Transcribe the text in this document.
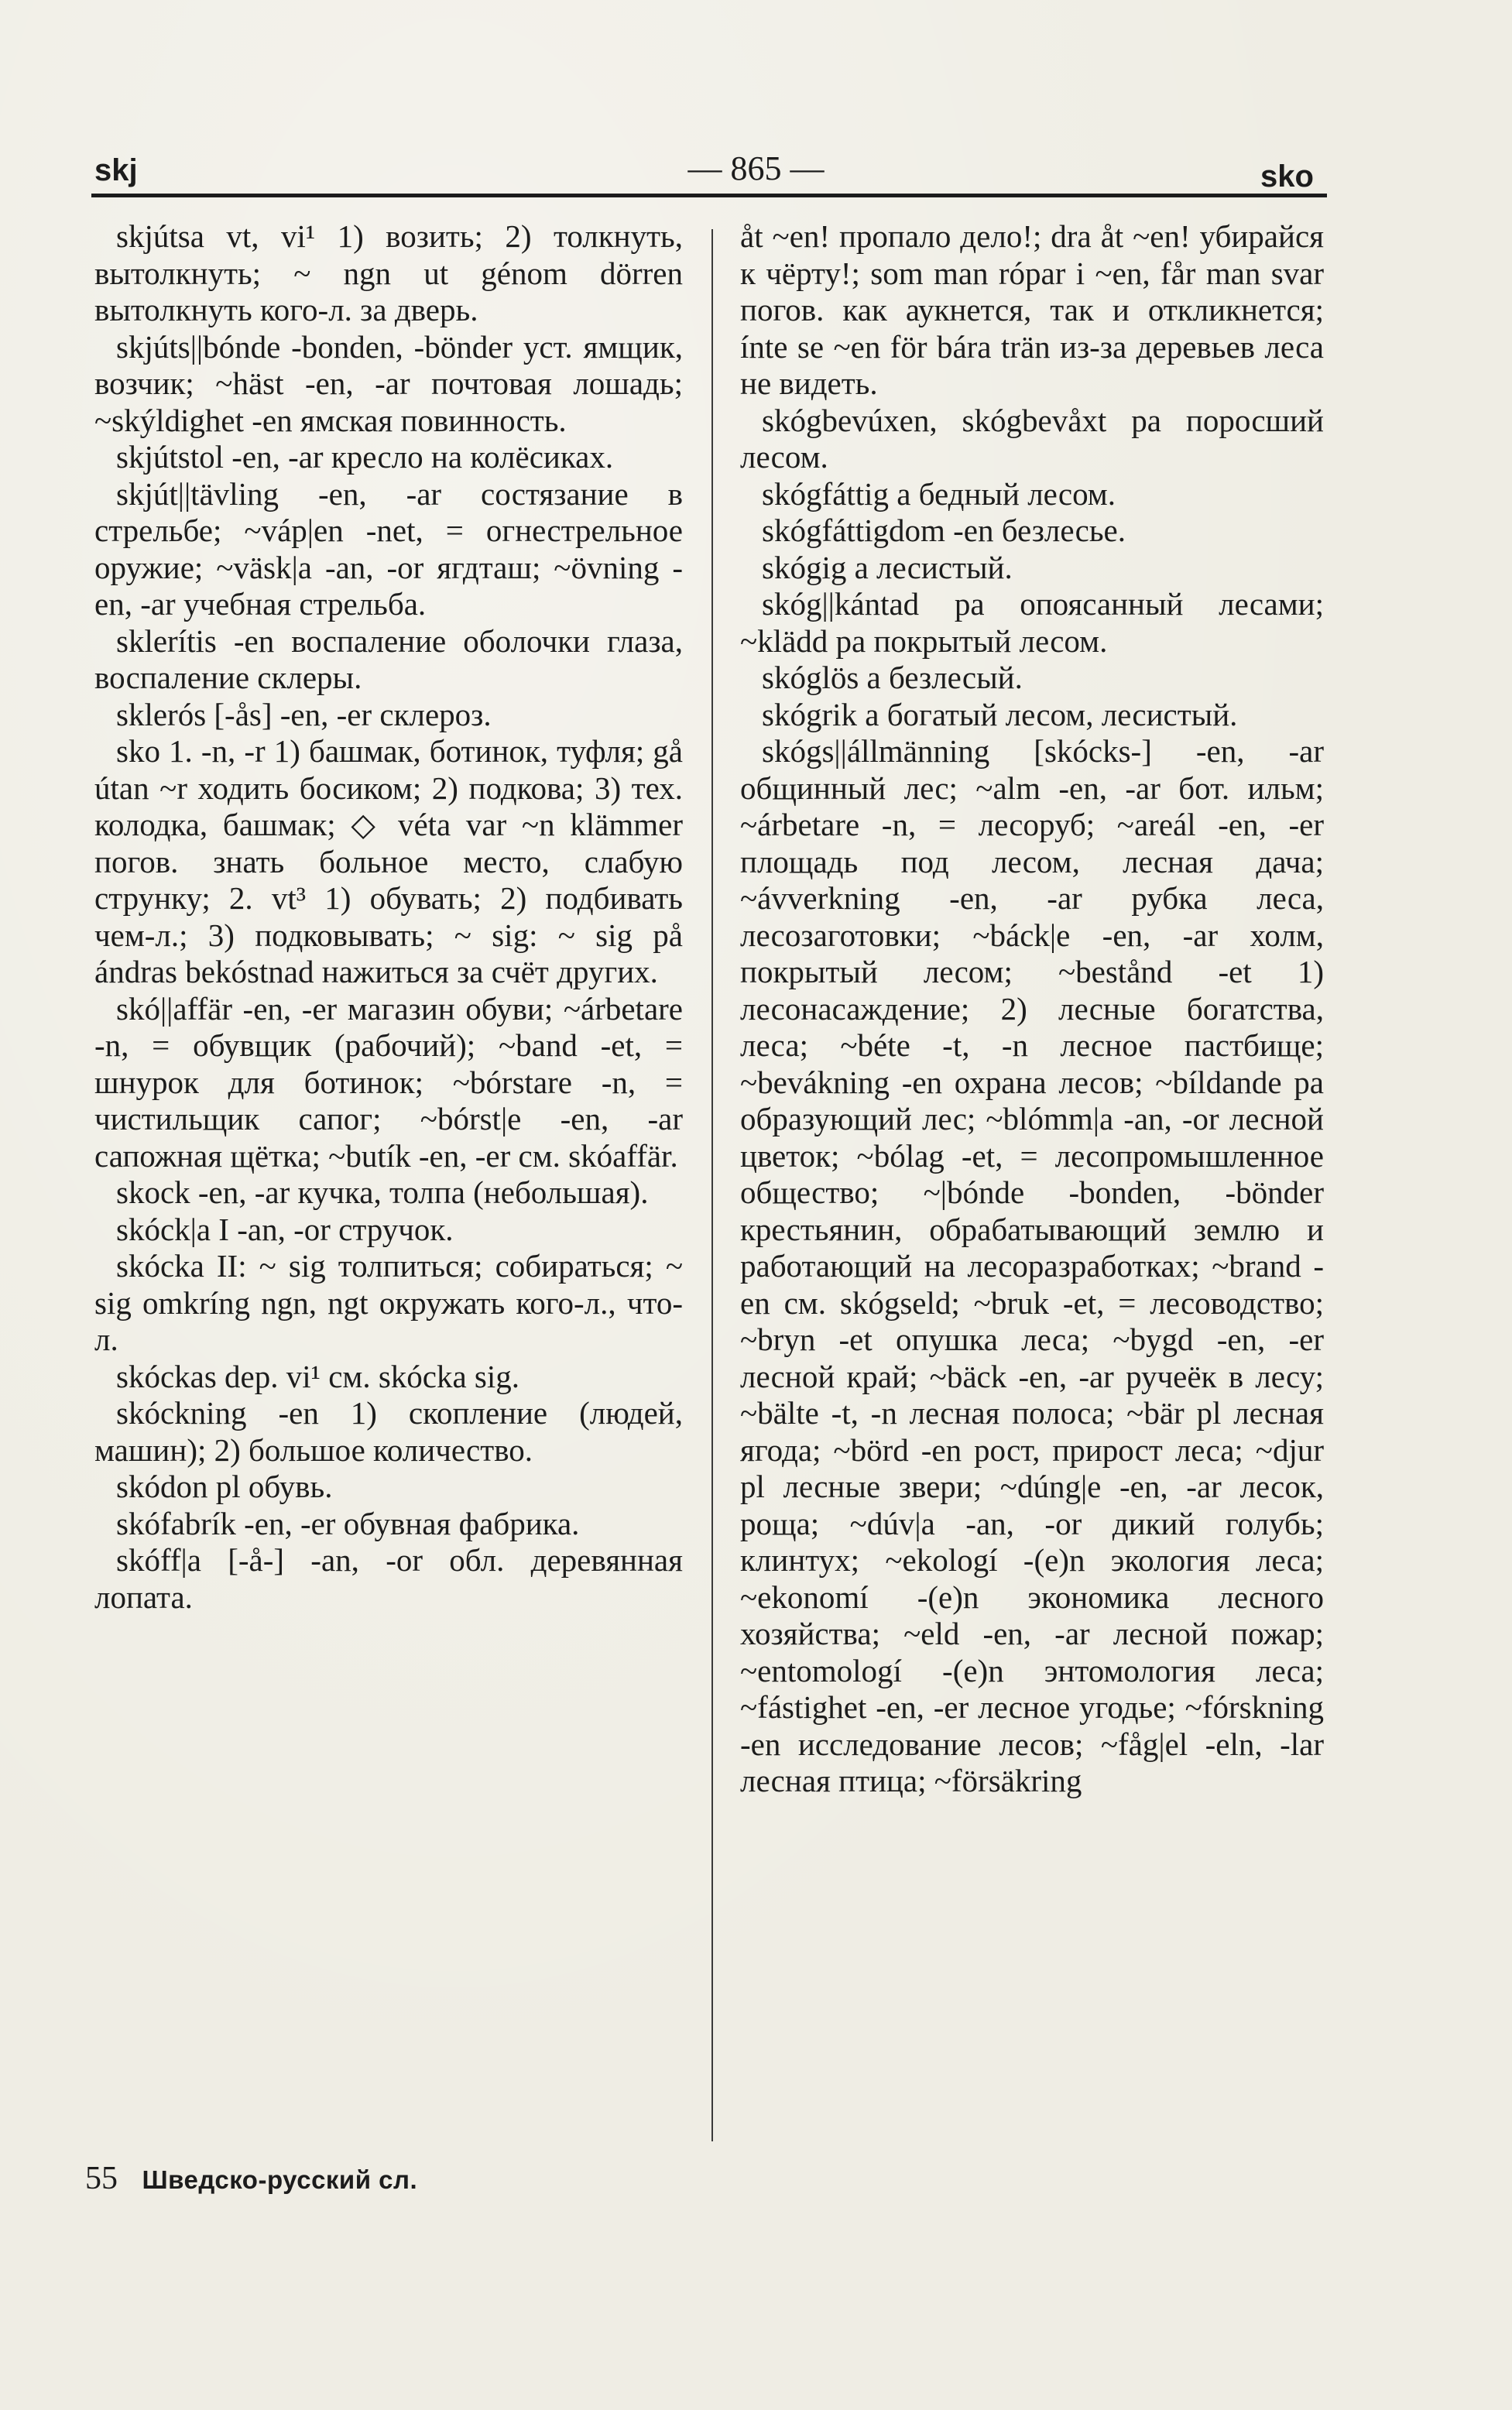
skj	— 865 —	sko

skjútsa vt, vi¹ 1) возить; 2) толкнуть, вытолкнуть; ~ ngn ut génom dörren вытолкнуть кого-л. за дверь.

skjúts||bónde -bonden, -bönder уст. ямщик, возчик; ~häst -en, -ar почтовая лошадь; ~skýldighet -en ямская повинность.

skjútstol -en, -ar кресло на колёсиках.

skjút||tävling -en, -ar состязание в стрельбе; ~váp|en -net, = огнестрельное оружие; ~väsk|a -an, -or ягдташ; ~övning -en, -ar учебная стрельба.

sklerítis -en воспаление оболочки глаза, воспаление склеры.

sklerós [-ås] -en, -er склероз.

sko 1. -n, -r 1) башмак, ботинок, туфля; gå útan ~r ходить босиком; 2) подкова; 3) тех. колодка, башмак; ◇ véta var ~n klämmer погов. знать больное место, слабую струнку; 2. vt³ 1) обувать; 2) подбивать чем-л.; 3) подковывать; ~ sig: ~ sig på ándras bekóstnad нажиться за счёт других.

skó||affär -en, -er магазин обуви; ~árbetare -n, = обувщик (рабочий); ~band -et, = шнурок для ботинок; ~bórstare -n, = чистильщик сапог; ~bórst|e -en, -ar сапожная щётка; ~butík -en, -er см. skóaffär.

skock -en, -ar кучка, толпа (небольшая).

skóck|a I -an, -or стручок.

skócka II: ~ sig толпиться; собираться; ~ sig omkríng ngn, ngt окружать кого-л., что-л.

skóckas dep. vi¹ см. skócka sig.

skóckning -en 1) скопление (людей, машин); 2) большое количество.

skódon pl обувь.

skófabrík -en, -er обувная фабрика.

skóff|a [-å-] -an, -or обл. деревянная лопата.

åt ~en! пропало дело!; dra åt ~en! убирайся к чёрту!; som man rópar i ~en, får man svar погов. как аукнется, так и откликнется; ínte se ~en för bára trän из-за деревьев леса не видеть.

skógbevúxen, skógbevåxt pa поросший лесом.

skógfáttig a бедный лесом.

skógfáttigdom -en безлесье.

skógig a лесистый.

skóg||kántad pa опоясанный лесами; ~klädd pa покрытый лесом.

skóglös a безлесый.

skógrik a богатый лесом, лесистый.

skógs||állmänning [skócks-] -en, -ar общинный лес; ~alm -en, -ar бот. ильм; ~árbetare -n, = лесоруб; ~areál -en, -er площадь под лесом, лесная дача; ~ávverkning -en, -ar рубка леса, лесозаготовки; ~báck|e -en, -ar холм, покрытый лесом; ~bestånd -et 1) лесонасаждение; 2) лесные богатства, леса; ~béte -t, -n лесное пастбище; ~bevákning -en охрана лесов; ~bíldande pa образующий лес; ~blómm|a -an, -or лесной цветок; ~bólag -et, = лесопромышленное общество; ~|bónde -bonden, -bönder крестьянин, обрабатывающий землю и работающий на лесоразработках; ~brand -en см. skógseld; ~bruk -et, = лесоводство; ~bryn -et опушка леса; ~bygd -en, -er лесной край; ~bäck -en, -ar ручеёк в лесу; ~bälte -t, -n лесная полоса; ~bär pl лесная ягода; ~börd -en рост, прирост леса; ~djur pl лесные звери; ~dúng|e -en, -ar лесок, роща; ~dúv|a -an, -or дикий голубь; клинтух; ~ekologí -(e)n экология леса; ~ekonomí -(e)n экономика лесного хозяйства; ~eld -en, -ar лесной пожар; ~entomologí -(e)n энтомология леса; ~fástighet -en, -er лесное угодье; ~fórskning -en исследование лесов; ~fåg|el -eln, -lar лесная птица; ~försäkring

55 Шведско-русский сл.
